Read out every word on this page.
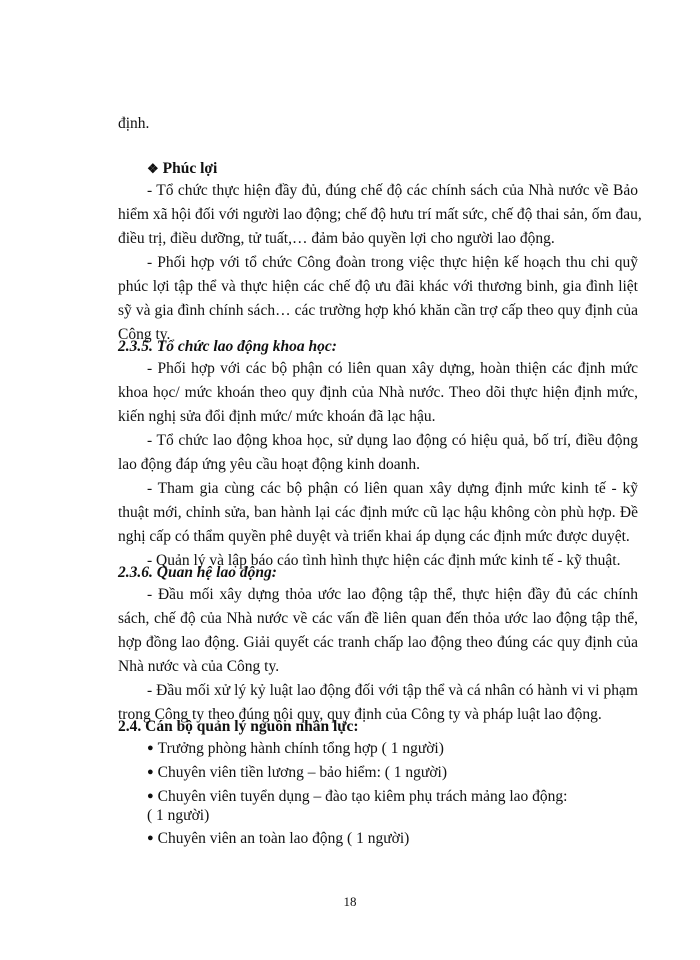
định.
❖ Phúc lợi
- Tổ chức thực hiện đầy đủ, đúng chế độ các chính sách của Nhà nước về Bảo
hiểm xã hội đối với người lao động; chế độ hưu trí mất sức, chế độ thai sản, ốm đau,
điều trị, điều dưỡng, tử tuất,… đảm bảo quyền lợi cho người lao động.
- Phối hợp với tổ chức Công đoàn trong việc thực hiện kế hoạch thu chi quỹ
phúc lợi tập thể và thực hiện các chế độ ưu đãi khác với thương binh, gia đình liệt
sỹ và gia đình chính sách… các trường hợp khó khăn cần trợ cấp theo quy định của
Công ty.
2.3.5. Tổ chức lao động khoa học:
- Phối hợp với các bộ phận có liên quan xây dựng, hoàn thiện các định mức
khoa học/ mức khoán theo quy định của Nhà nước. Theo dõi thực hiện định mức,
kiến nghị sửa đổi định mức/ mức khoán đã lạc hậu.
- Tổ chức lao động khoa học, sử dụng lao động có hiệu quả, bố trí, điều động
lao động đáp ứng yêu cầu hoạt động kinh doanh.
- Tham gia cùng các bộ phận có liên quan xây dựng định mức kinh tế - kỹ
thuật mới, chỉnh sửa, ban hành lại các định mức cũ lạc hậu không còn phù hợp. Đề
nghị cấp có thẩm quyền phê duyệt và triển khai áp dụng các định mức được duyệt.
- Quản lý và lập báo cáo tình hình thực hiện các định mức kinh tế - kỹ thuật.
2.3.6. Quan hệ lao động:
- Đầu mối xây dựng thỏa ước lao động tập thể, thực hiện đầy đủ các chính
sách, chế độ của Nhà nước về các vấn đề liên quan đến thỏa ước lao động tập thể,
hợp đồng lao động. Giải quyết các tranh chấp lao động theo đúng các quy định của
Nhà nước và của Công ty.
- Đầu mối xử lý kỷ luật lao động đối với tập thể và cá nhân có hành vi vi phạm
trong Công ty theo đúng nội quy, quy định của Công ty và pháp luật lao động.
2.4. Cán bộ quản lý nguồn nhân lực:
● Trưởng phòng hành chính tổng hợp ( 1 người)
● Chuyên viên tiền lương – bảo hiểm: ( 1 người)
● Chuyên viên tuyển dụng – đào tạo kiêm phụ trách mảng lao động:
( 1 người)
● Chuyên viên an toàn lao động ( 1 người)
18
